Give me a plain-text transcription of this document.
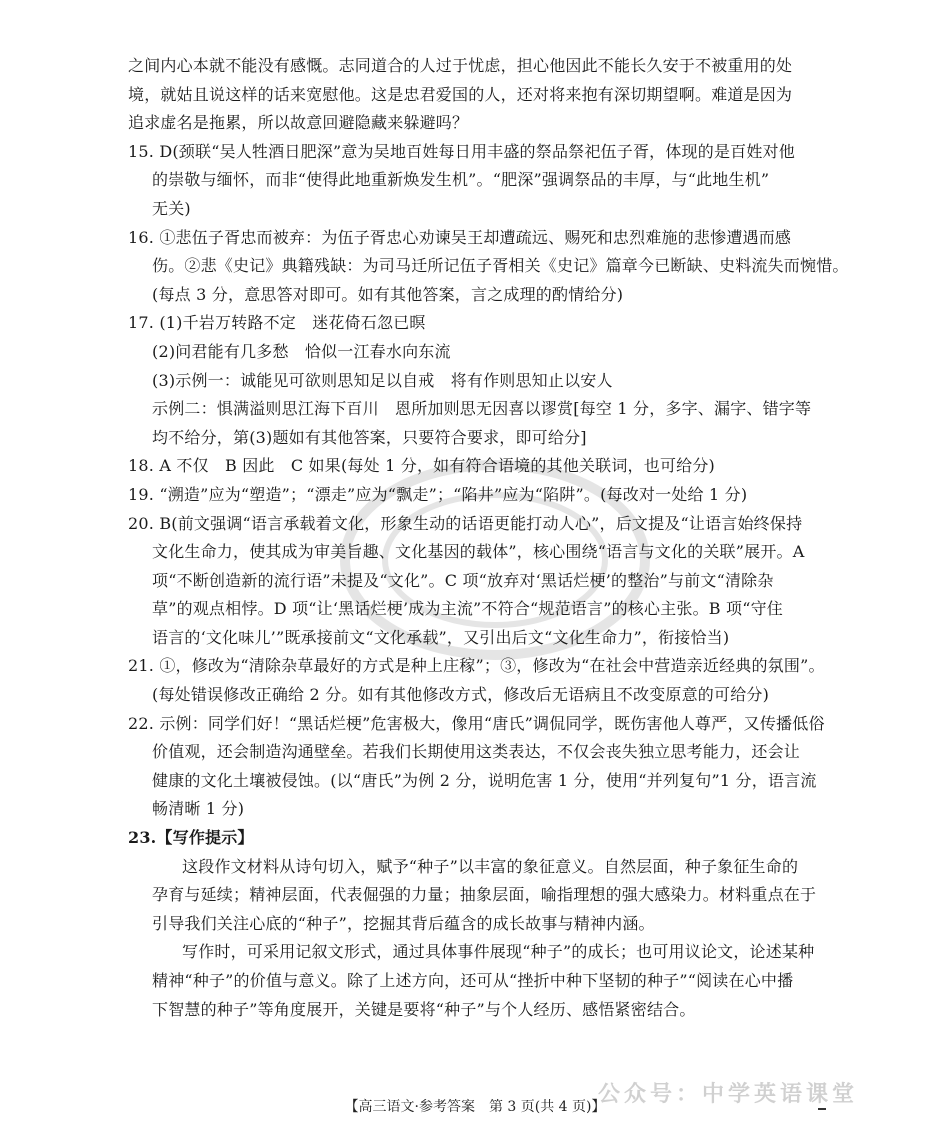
之间内心本就不能没有感慨。志同道合的人过于忧虑，担心他因此不能长久安于不被重用的处
境，就姑且说这样的话来宽慰他。这是忠君爱国的人，还对将来抱有深切期望啊。难道是因为
追求虚名是拖累，所以故意回避隐藏来躲避吗？
15. D(颈联“吴人牲酒日肥深”意为吴地百姓每日用丰盛的祭品祭祀伍子胥，体现的是百姓对他
的崇敬与缅怀，而非“使得此地重新焕发生机”。“肥深”强调祭品的丰厚，与“此地生机”
无关)
16. ①悲伍子胥忠而被弃：为伍子胥忠心劝谏吴王却遭疏远、赐死和忠烈难施的悲惨遭遇而感
伤。②悲《史记》典籍残缺：为司马迁所记伍子胥相关《史记》篇章今已断缺、史料流失而惋惜。
(每点 3 分，意思答对即可。如有其他答案，言之成理的酌情给分)
17. (1)千岩万转路不定　迷花倚石忽已暝
(2)问君能有几多愁　恰似一江春水向东流
(3)示例一：诚能见可欲则思知足以自戒　将有作则思知止以安人
示例二：惧满溢则思江海下百川　恩所加则思无因喜以谬赏[每空 1 分，多字、漏字、错字等
均不给分，第(3)题如有其他答案，只要符合要求，即可给分]
18. A 不仅　B 因此　C 如果(每处 1 分，如有符合语境的其他关联词，也可给分)
19. “溯造”应为“塑造”；“漂走”应为“飘走”；“陷井”应为“陷阱”。(每改对一处给 1 分)
20. B(前文强调“语言承载着文化，形象生动的话语更能打动人心”，后文提及“让语言始终保持
文化生命力，使其成为审美旨趣、文化基因的载体”，核心围绕“语言与文化的关联”展开。A
项“不断创造新的流行语”未提及“文化”。C 项“放弃对‘黑话烂梗’的整治”与前文“清除杂
草”的观点相悖。D 项“让‘黑话烂梗’成为主流”不符合“规范语言”的核心主张。B 项“守住
语言的‘文化味儿’”既承接前文“文化承载”，又引出后文“文化生命力”，衔接恰当)
21. ①，修改为“清除杂草最好的方式是种上庄稼”；③，修改为“在社会中营造亲近经典的氛围”。
(每处错误修改正确给 2 分。如有其他修改方式，修改后无语病且不改变原意的可给分)
22. 示例：同学们好！“黑话烂梗”危害极大，像用“唐氏”调侃同学，既伤害他人尊严，又传播低俗
价值观，还会制造沟通壁垒。若我们长期使用这类表达，不仅会丧失独立思考能力，还会让
健康的文化土壤被侵蚀。(以“唐氏”为例 2 分，说明危害 1 分，使用“并列复句”1 分，语言流
畅清晰 1 分)
23.【写作提示】
这段作文材料从诗句切入，赋予“种子”以丰富的象征意义。自然层面，种子象征生命的
孕育与延续；精神层面，代表倔强的力量；抽象层面，喻指理想的强大感染力。材料重点在于
引导我们关注心底的“种子”，挖掘其背后蕴含的成长故事与精神内涵。
写作时，可采用记叙文形式，通过具体事件展现“种子”的成长；也可用议论文，论述某种
精神“种子”的价值与意义。除了上述方向，还可从“挫折中种下坚韧的种子”“阅读在心中播
下智慧的种子”等角度展开，关键是要将“种子”与个人经历、感悟紧密结合。
公众号：中学英语课堂
【高三语文·参考答案　第 3 页(共 4 页)】
